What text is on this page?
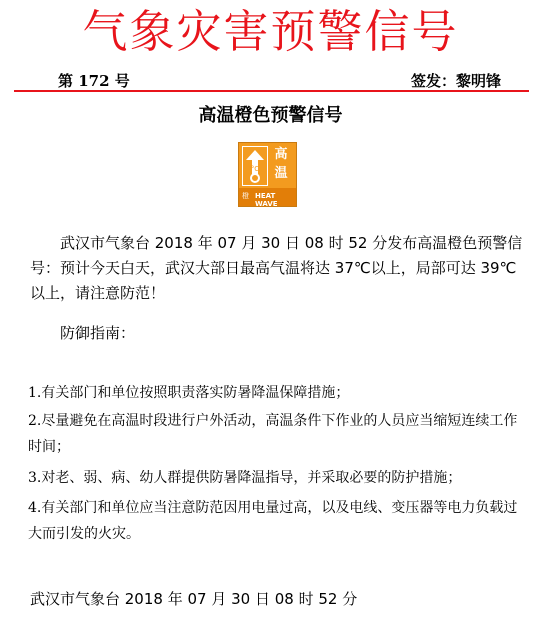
气象灾害预警信号
第 172 号	签发：黎明锋
高温橙色预警信号
°C
高温
橙 HEAT WAVE
武汉市气象台 2018 年 07 月 30 日 08 时 52 分发布高温橙色预警信号：预计今天白天，武汉大部日最高气温将达 37℃以上，局部可达 39℃以上，请注意防范！
防御指南：
1.有关部门和单位按照职责落实防暑降温保障措施；
2.尽量避免在高温时段进行户外活动，高温条件下作业的人员应当缩短连续工作时间；
3.对老、弱、病、幼人群提供防暑降温指导，并采取必要的防护措施；
4.有关部门和单位应当注意防范因用电量过高，以及电线、变压器等电力负载过大而引发的火灾。
武汉市气象台 2018 年 07 月 30 日 08 时 52 分
